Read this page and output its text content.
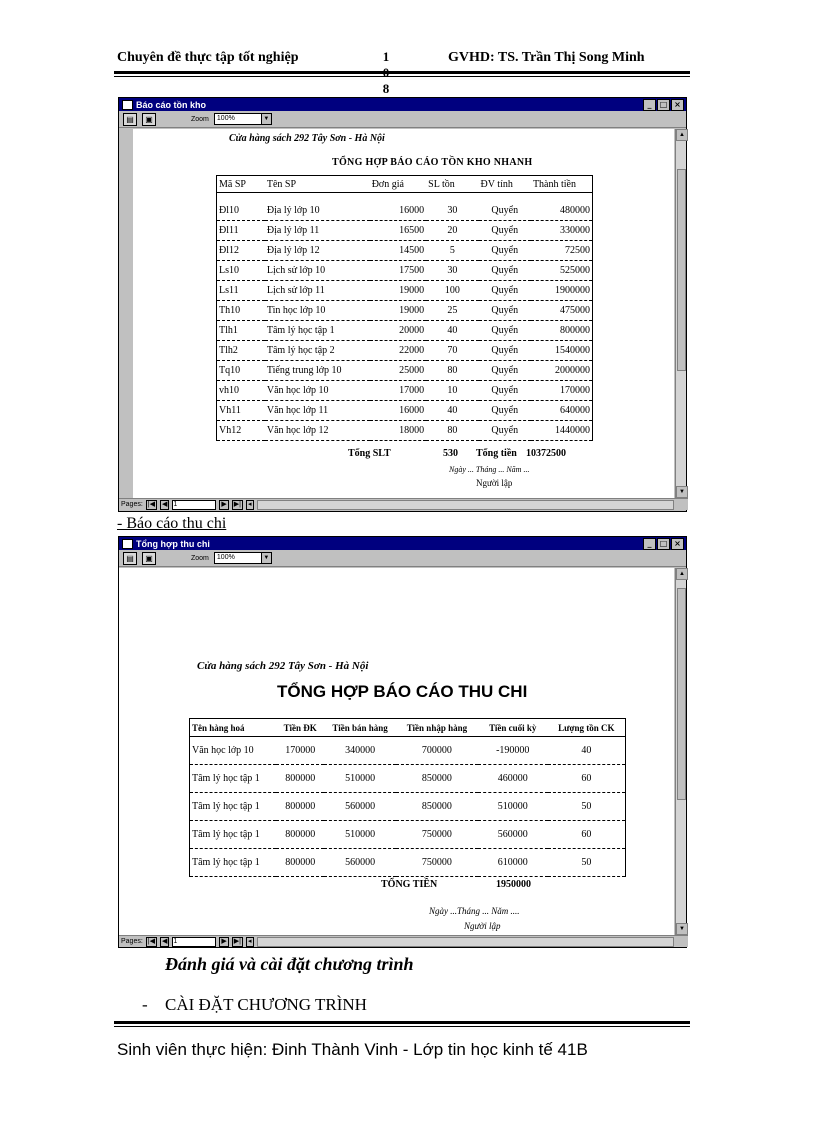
Chuyên đề thực tập tốt nghiệp	1
8
GVHD: TS. Trần Thị Song Minh
Báo cáo tồn kho	_	□ ×
▤	▣	Zoom	100%	▼
Cửa hàng sách 292 Tây Sơn - Hà Nội
TỔNG HỢP BÁO CÁO TỒN KHO NHANH
Mã SP	Tên SP	Đơn giá	SL tồn	ĐV tính	Thành tiền

Đl10	Địa lý lớp 10	16000	30	Quyển	480000
Đl11	Địa lý lớp 11	16500	20	Quyển	330000
Đl12	Địa lý lớp 12	14500	5	Quyển	72500
Ls10	Lịch sử lớp 10	17500	30	Quyển	525000
Ls11	Lịch sử lớp 11	19000	100	Quyển	1900000
Th10	Tin học lớp 10	19000	25	Quyển	475000
Tlh1	Tâm lý học tập 1	20000	40	Quyển	800000
Tlh2	Tâm lý học tập 2	22000	70	Quyển	1540000
Tq10	Tiếng trung lớp 10	25000	80	Quyển	2000000
vh10	Văn học lớp 10	17000	10	Quyển	170000
Vh11	Văn học lớp 11	16000	40	Quyển	640000
Vh12	Văn học lớp 12	18000	80	Quyển	1440000
Tổng SLT	530 Tổng tiền 10372500
Ngày ... Tháng ... Năm ...
Người lập
▲
▼
Pages: |◀ ◀ 1	▶ ▶| ◂
- Báo cáo thu chi
Tổng hợp thu chi	_	□ ×
▤	▣	Zoom	100%	▼
Cửa hàng sách 292 Tây Sơn - Hà Nội
TỔNG HỢP BÁO CÁO THU CHI
Tên hàng hoá	Tiền ĐK	Tiền bán hàng	Tiền nhập hàng	Tiền cuối kỳ	Lượng tồn CK
Văn học lớp 10	170000	340000	700000	-190000	40
Tâm lý học tập 1	800000	510000	850000	460000	60
Tâm lý học tập 1	800000	560000	850000	510000	50
Tâm lý học tập 1	800000	510000	750000	560000	60
Tâm lý học tập 1	800000	560000	750000	610000	50
TỔNG TIỀN	1950000
Ngày ...Tháng ... Năm ....
Người lập
▲
▼
Pages: |◀ ◀ 1	▶ ▶| ◂
Đánh giá và cài đặt chương trình
- CÀI ĐẶT CHƯƠNG TRÌNH
Sinh viên thực hiện: Đinh Thành Vinh - Lớp tin học kinh tế 41B
